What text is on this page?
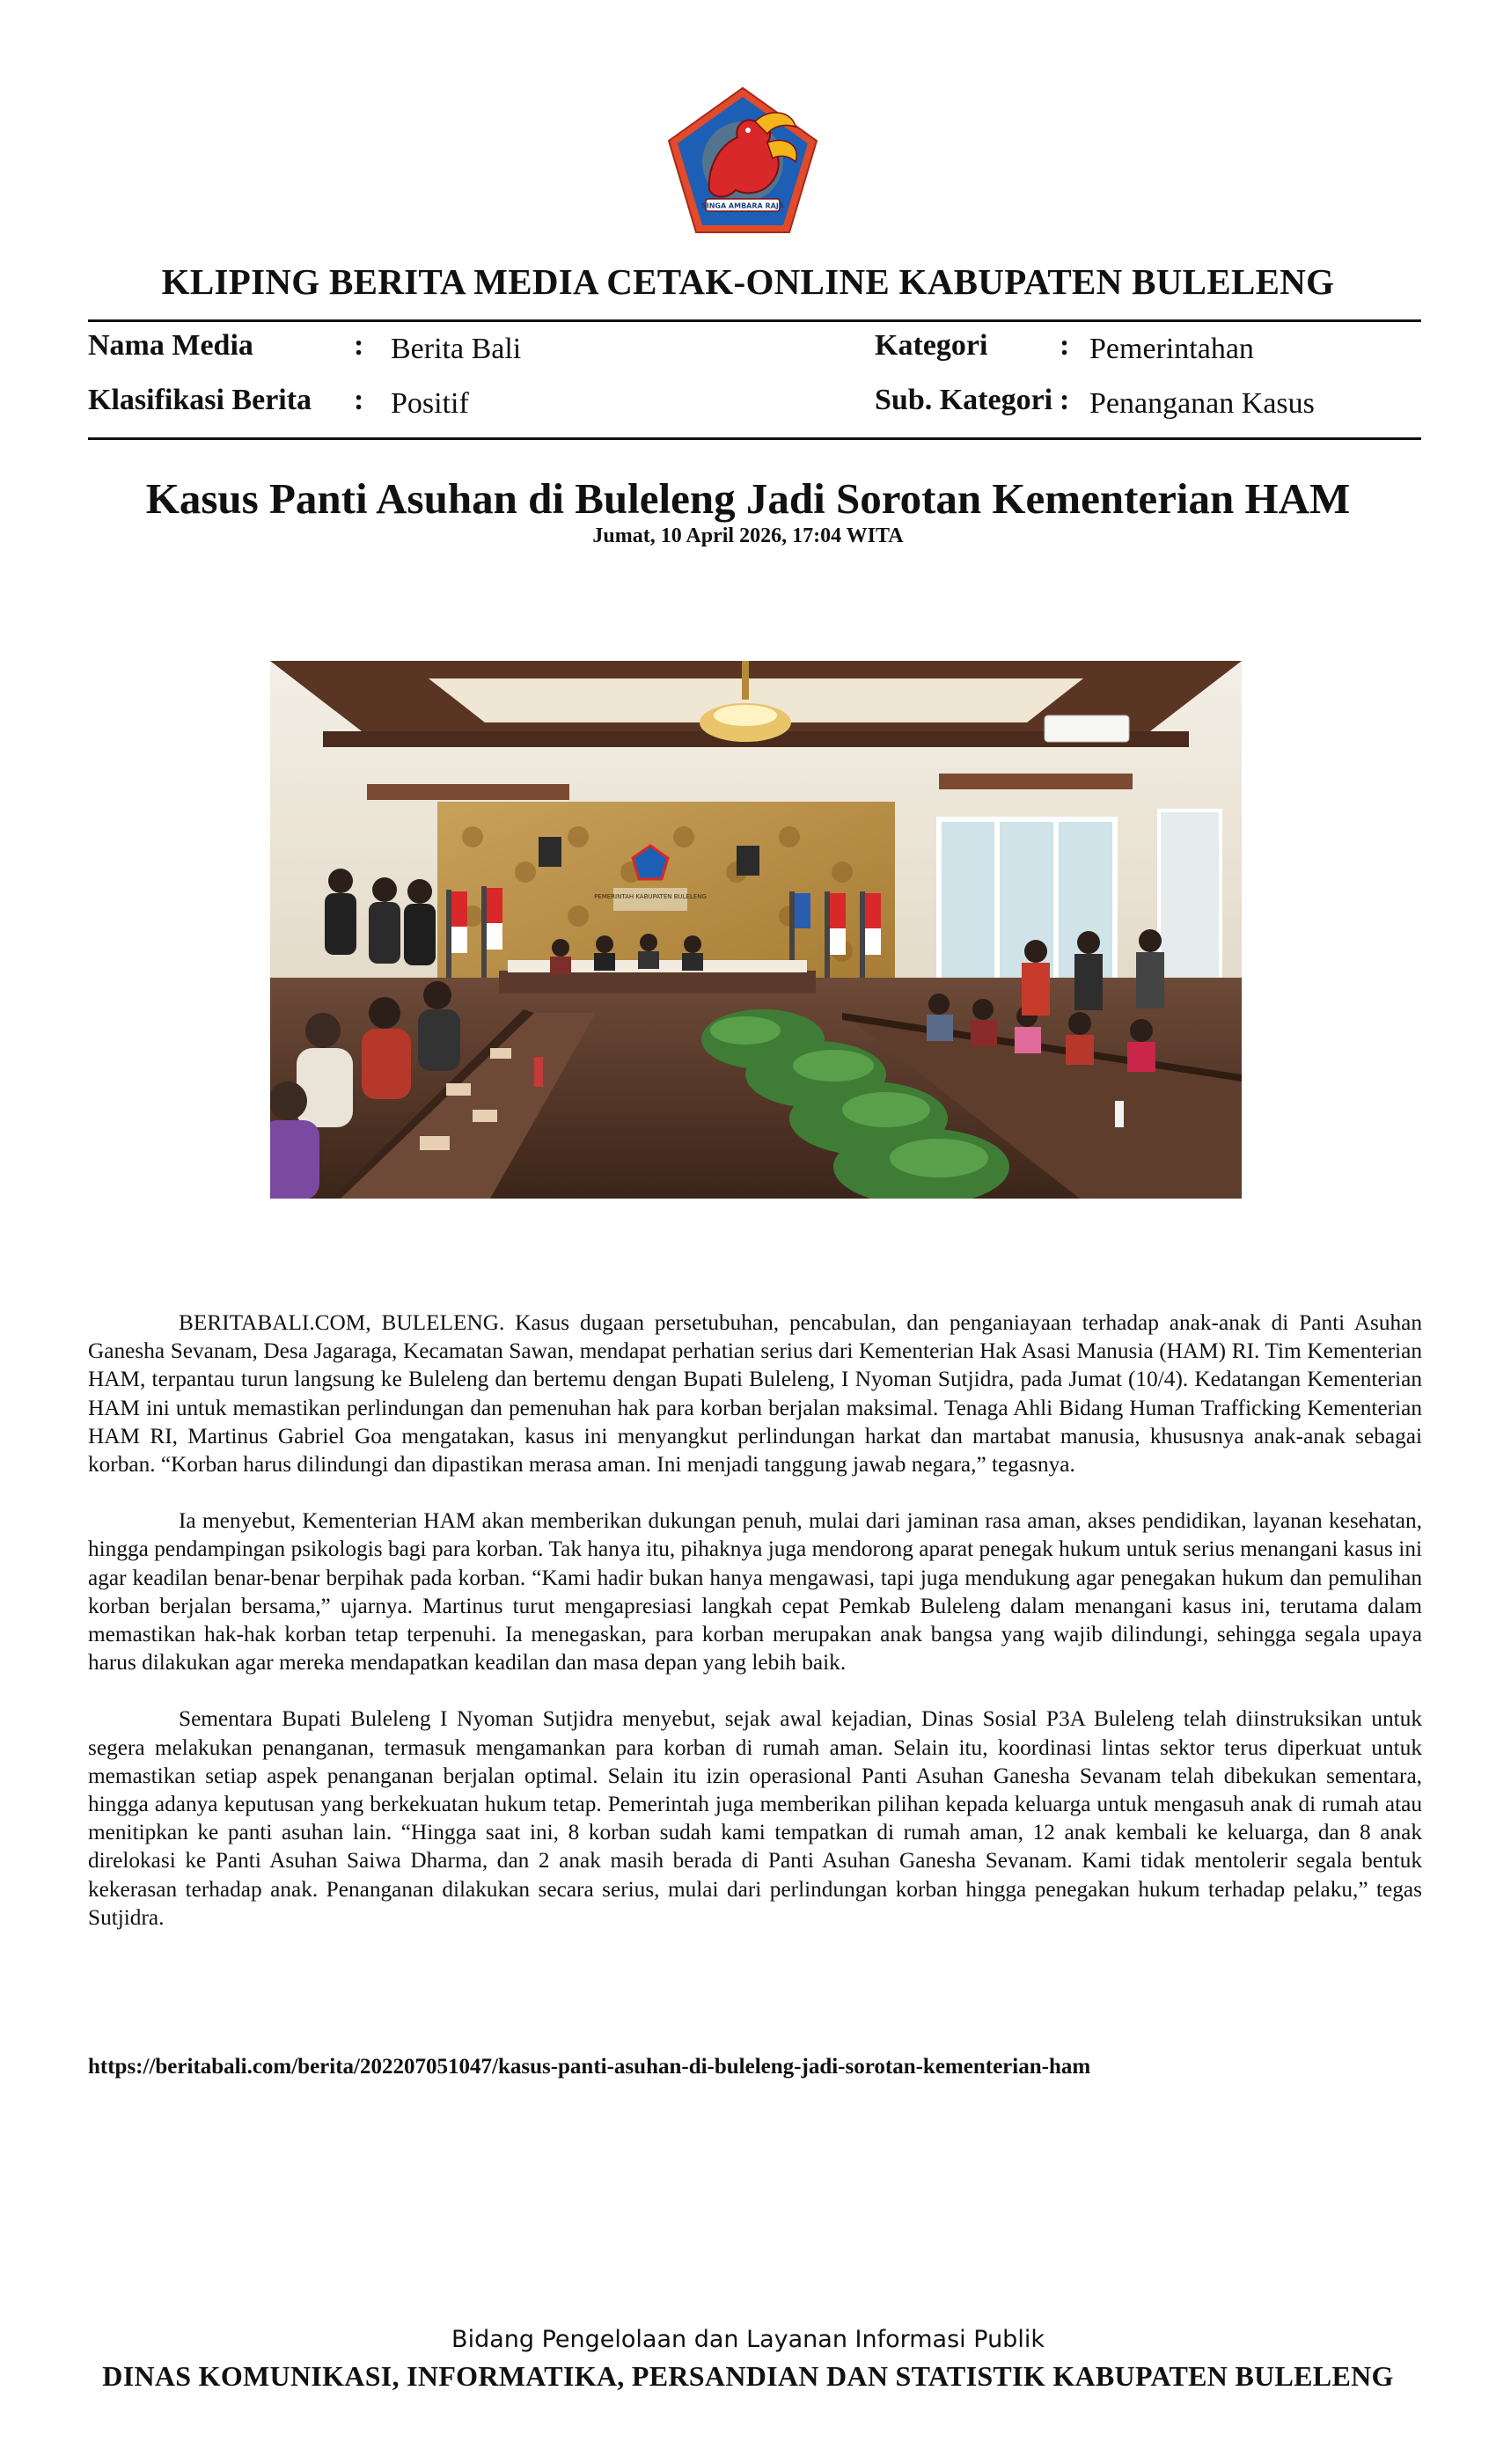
SINGA AMBARA RAJA
KLIPING BERITA MEDIA CETAK-ONLINE KABUPATEN BULELENG
Nama Media	: Berita Bali	Kategori : Pemerintahan
Klasifikasi Berita : Positif	Sub. Kategori : Penanganan Kasus
Kasus Panti Asuhan di Buleleng Jadi Sorotan Kementerian HAM
Jumat, 10 April 2026, 17:04 WITA
PEMERINTAH KABUPATEN BULELENG

BERITABALI.COM, BULELENG. Kasus dugaan persetubuhan, pencabulan, dan penganiayaan terhadap anak-anak di Panti Asuhan Ganesha Sevanam, Desa Jagaraga, Kecamatan Sawan, mendapat perhatian serius dari Kementerian Hak Asasi Manusia (HAM) RI. Tim Kementerian HAM, terpantau turun langsung ke Buleleng dan bertemu dengan Bupati Buleleng, I Nyoman Sutjidra, pada Jumat (10/4). Kedatangan Kementerian HAM ini untuk memastikan perlindungan dan pemenuhan hak para korban berjalan maksimal. Tenaga Ahli Bidang Human Trafficking Kementerian HAM RI, Martinus Gabriel Goa mengatakan, kasus ini menyangkut perlindungan harkat dan martabat manusia, khususnya anak-anak sebagai korban. “Korban harus dilindungi dan dipastikan merasa aman. Ini menjadi tanggung jawab negara,” tegasnya.

Ia menyebut, Kementerian HAM akan memberikan dukungan penuh, mulai dari jaminan rasa aman, akses pendidikan, layanan kesehatan, hingga pendampingan psikologis bagi para korban. Tak hanya itu, pihaknya juga mendorong aparat penegak hukum untuk serius menangani kasus ini agar keadilan benar-benar berpihak pada korban. “Kami hadir bukan hanya mengawasi, tapi juga mendukung agar penegakan hukum dan pemulihan korban berjalan bersama,” ujarnya. Martinus turut mengapresiasi langkah cepat Pemkab Buleleng dalam menangani kasus ini, terutama dalam memastikan hak-hak korban tetap terpenuhi. Ia menegaskan, para korban merupakan anak bangsa yang wajib dilindungi, sehingga segala upaya harus dilakukan agar mereka mendapatkan keadilan dan masa depan yang lebih baik.

Sementara Bupati Buleleng I Nyoman Sutjidra menyebut, sejak awal kejadian, Dinas Sosial P3A Buleleng telah diinstruksikan untuk segera melakukan penanganan, termasuk mengamankan para korban di rumah aman. Selain itu, koordinasi lintas sektor terus diperkuat untuk memastikan setiap aspek penanganan berjalan optimal. Selain itu izin operasional Panti Asuhan Ganesha Sevanam telah dibekukan sementara, hingga adanya keputusan yang berkekuatan hukum tetap. Pemerintah juga memberikan pilihan kepada keluarga untuk mengasuh anak di rumah atau menitipkan ke panti asuhan lain. “Hingga saat ini, 8 korban sudah kami tempatkan di rumah aman, 12 anak kembali ke keluarga, dan 8 anak direlokasi ke Panti Asuhan Saiwa Dharma, dan 2 anak masih berada di Panti Asuhan Ganesha Sevanam. Kami tidak mentolerir segala bentuk kekerasan terhadap anak. Penanganan dilakukan secara serius, mulai dari perlindungan korban hingga penegakan hukum terhadap pelaku,” tegas Sutjidra.

https://beritabali.com/berita/202207051047/kasus-panti-asuhan-di-buleleng-jadi-sorotan-kementerian-ham
Bidang Pengelolaan dan Layanan Informasi Publik
DINAS KOMUNIKASI, INFORMATIKA, PERSANDIAN DAN STATISTIK KABUPATEN BULELENG
